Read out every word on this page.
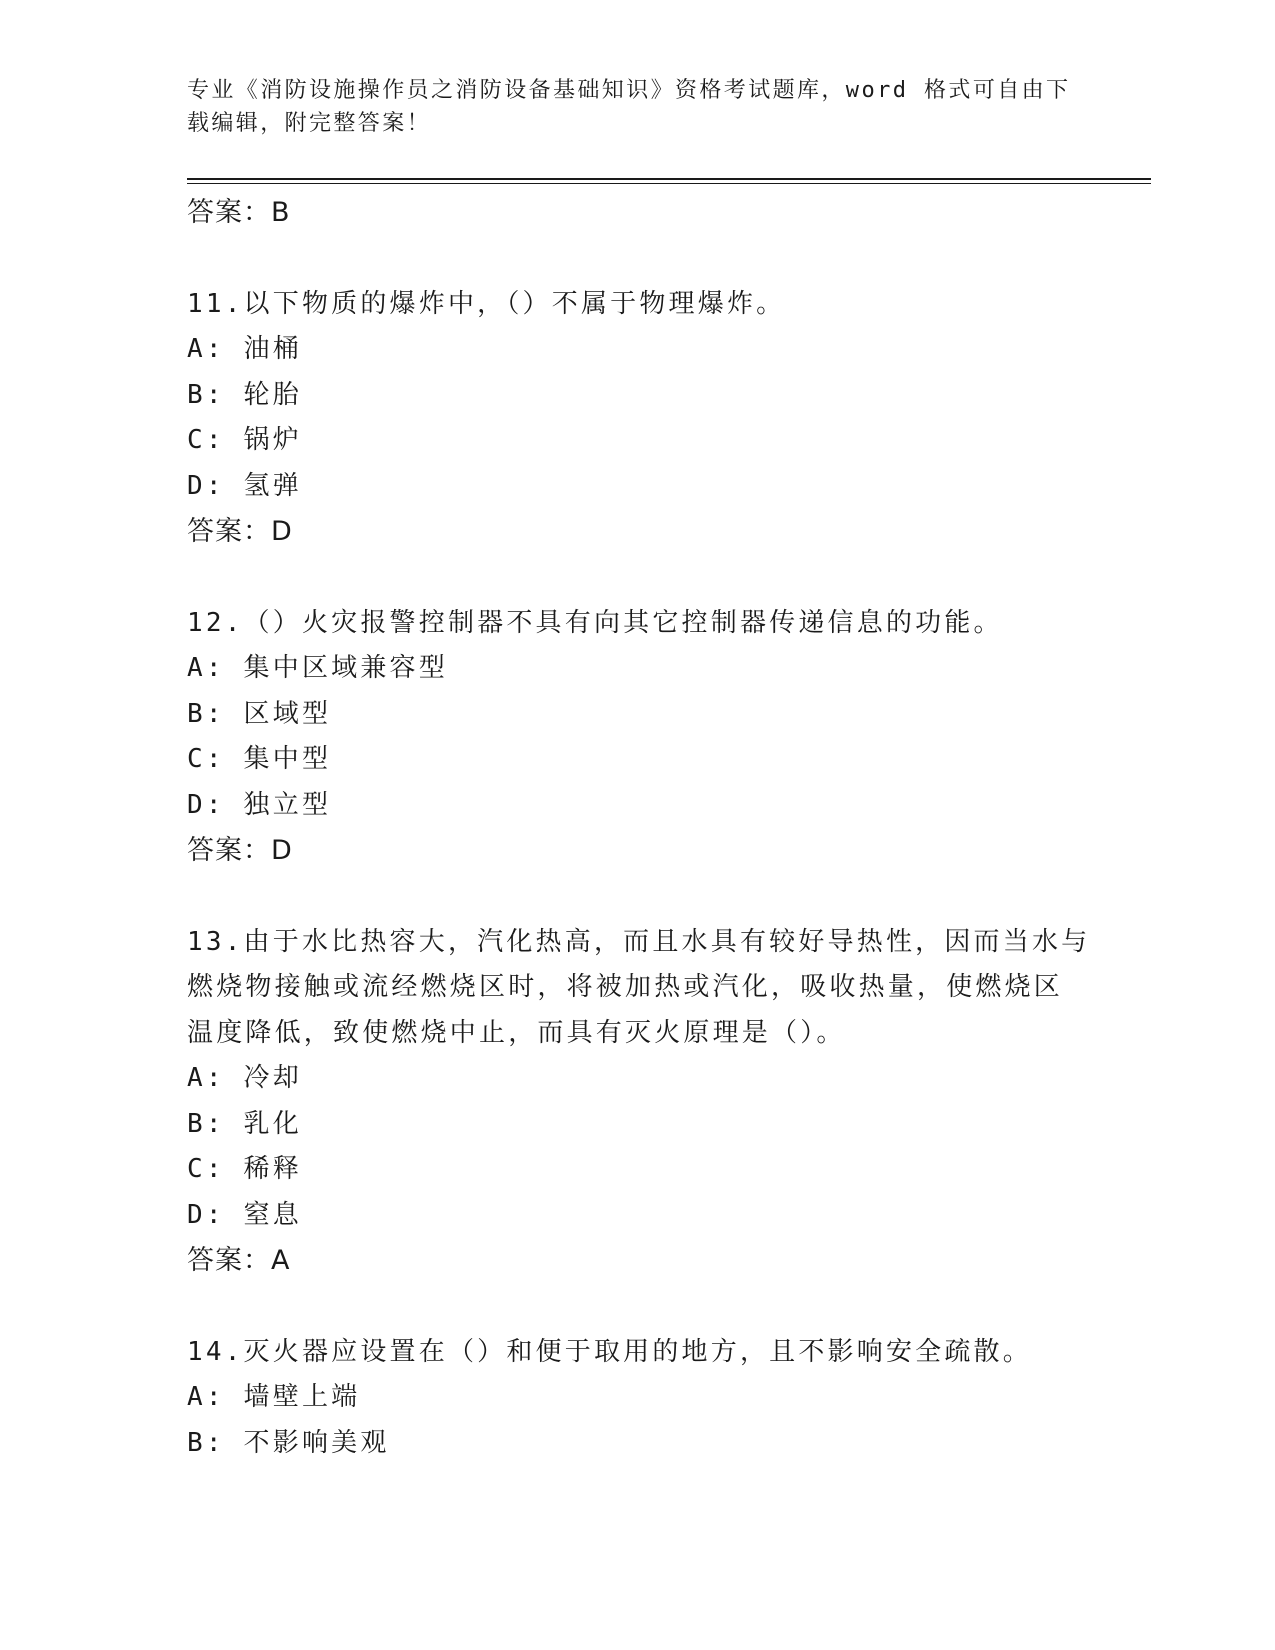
专业《消防设施操作员之消防设备基础知识》资格考试题库，word 格式可自由下
载编辑，附完整答案！
答案：B
11.以下物质的爆炸中，（）不属于物理爆炸。
A: 油桶
B: 轮胎
C: 锅炉
D: 氢弹
答案：D
12.（）火灾报警控制器不具有向其它控制器传递信息的功能。
A: 集中区域兼容型
B: 区域型
C: 集中型
D: 独立型
答案：D
13.由于水比热容大，汽化热高，而且水具有较好导热性，因而当水与
燃烧物接触或流经燃烧区时，将被加热或汽化，吸收热量，使燃烧区
温度降低，致使燃烧中止，而具有灭火原理是（）。
A: 冷却
B: 乳化
C: 稀释
D: 窒息
答案：A
14.灭火器应设置在（）和便于取用的地方，且不影响安全疏散。
A: 墙壁上端
B: 不影响美观
